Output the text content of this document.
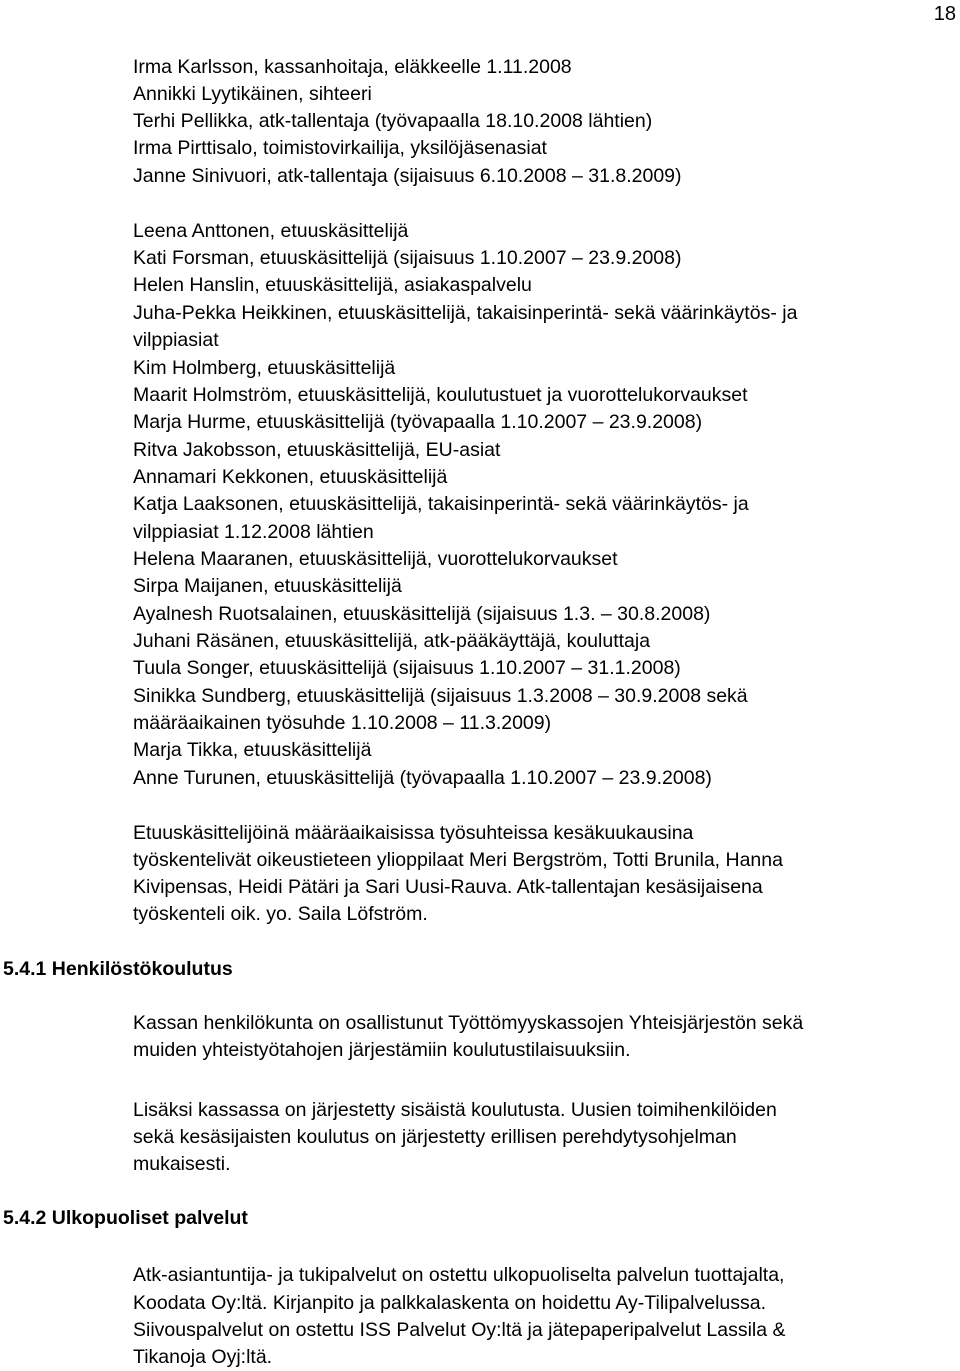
18
Irma Karlsson, kassanhoitaja, eläkkeelle 1.11.2008
Annikki Lyytikäinen, sihteeri
Terhi Pellikka, atk-tallentaja (työvapaalla 18.10.2008 lähtien)
Irma Pirttisalo, toimistovirkailija, yksilöjäsenasiat
Janne Sinivuori, atk-tallentaja (sijaisuus 6.10.2008 – 31.8.2009)
Leena Anttonen, etuuskäsittelijä
Kati Forsman, etuuskäsittelijä (sijaisuus 1.10.2007 – 23.9.2008)
Helen Hanslin, etuuskäsittelijä, asiakaspalvelu
Juha-Pekka Heikkinen, etuuskäsittelijä, takaisinperintä- sekä väärinkäytös- ja
vilppiasiat
Kim Holmberg, etuuskäsittelijä
Maarit Holmström, etuuskäsittelijä, koulutustuet ja vuorottelukorvaukset
Marja Hurme, etuuskäsittelijä (työvapaalla 1.10.2007 – 23.9.2008)
Ritva Jakobsson, etuuskäsittelijä, EU-asiat
Annamari Kekkonen, etuuskäsittelijä
Katja Laaksonen, etuuskäsittelijä, takaisinperintä- sekä väärinkäytös- ja
vilppiasiat 1.12.2008 lähtien
Helena Maaranen, etuuskäsittelijä, vuorottelukorvaukset
Sirpa Maijanen, etuuskäsittelijä
Ayalnesh Ruotsalainen, etuuskäsittelijä (sijaisuus 1.3. – 30.8.2008)
Juhani Räsänen, etuuskäsittelijä, atk-pääkäyttäjä, kouluttaja
Tuula Songer, etuuskäsittelijä (sijaisuus 1.10.2007 – 31.1.2008)
Sinikka Sundberg, etuuskäsittelijä (sijaisuus 1.3.2008 – 30.9.2008 sekä
määräaikainen työsuhde 1.10.2008 – 11.3.2009)
Marja Tikka, etuuskäsittelijä
Anne Turunen, etuuskäsittelijä (työvapaalla 1.10.2007 – 23.9.2008)
Etuuskäsittelijöinä määräaikaisissa työsuhteissa kesäkuukausina
työskentelivät oikeustieteen ylioppilaat Meri Bergström, Totti Brunila, Hanna
Kivipensas, Heidi Pätäri ja Sari Uusi-Rauva. Atk-tallentajan kesäsijaisena
työskenteli oik. yo. Saila Löfström.
5.4.1 Henkilöstökoulutus
Kassan henkilökunta on osallistunut Työttömyyskassojen Yhteisjärjestön sekä
muiden yhteistyötahojen järjestämiin koulutustilaisuuksiin.
Lisäksi kassassa on järjestetty sisäistä koulutusta. Uusien toimihenkilöiden
sekä kesäsijaisten koulutus on järjestetty erillisen perehdytysohjelman
mukaisesti.
5.4.2 Ulkopuoliset palvelut
Atk-asiantuntija- ja tukipalvelut on ostettu ulkopuoliselta palvelun tuottajalta,
Koodata Oy:ltä. Kirjanpito ja palkkalaskenta on hoidettu Ay-Tilipalvelussa.
Siivouspalvelut on ostettu ISS Palvelut Oy:ltä ja jätepaperipalvelut Lassila &
Tikanoja Oyj:ltä.
